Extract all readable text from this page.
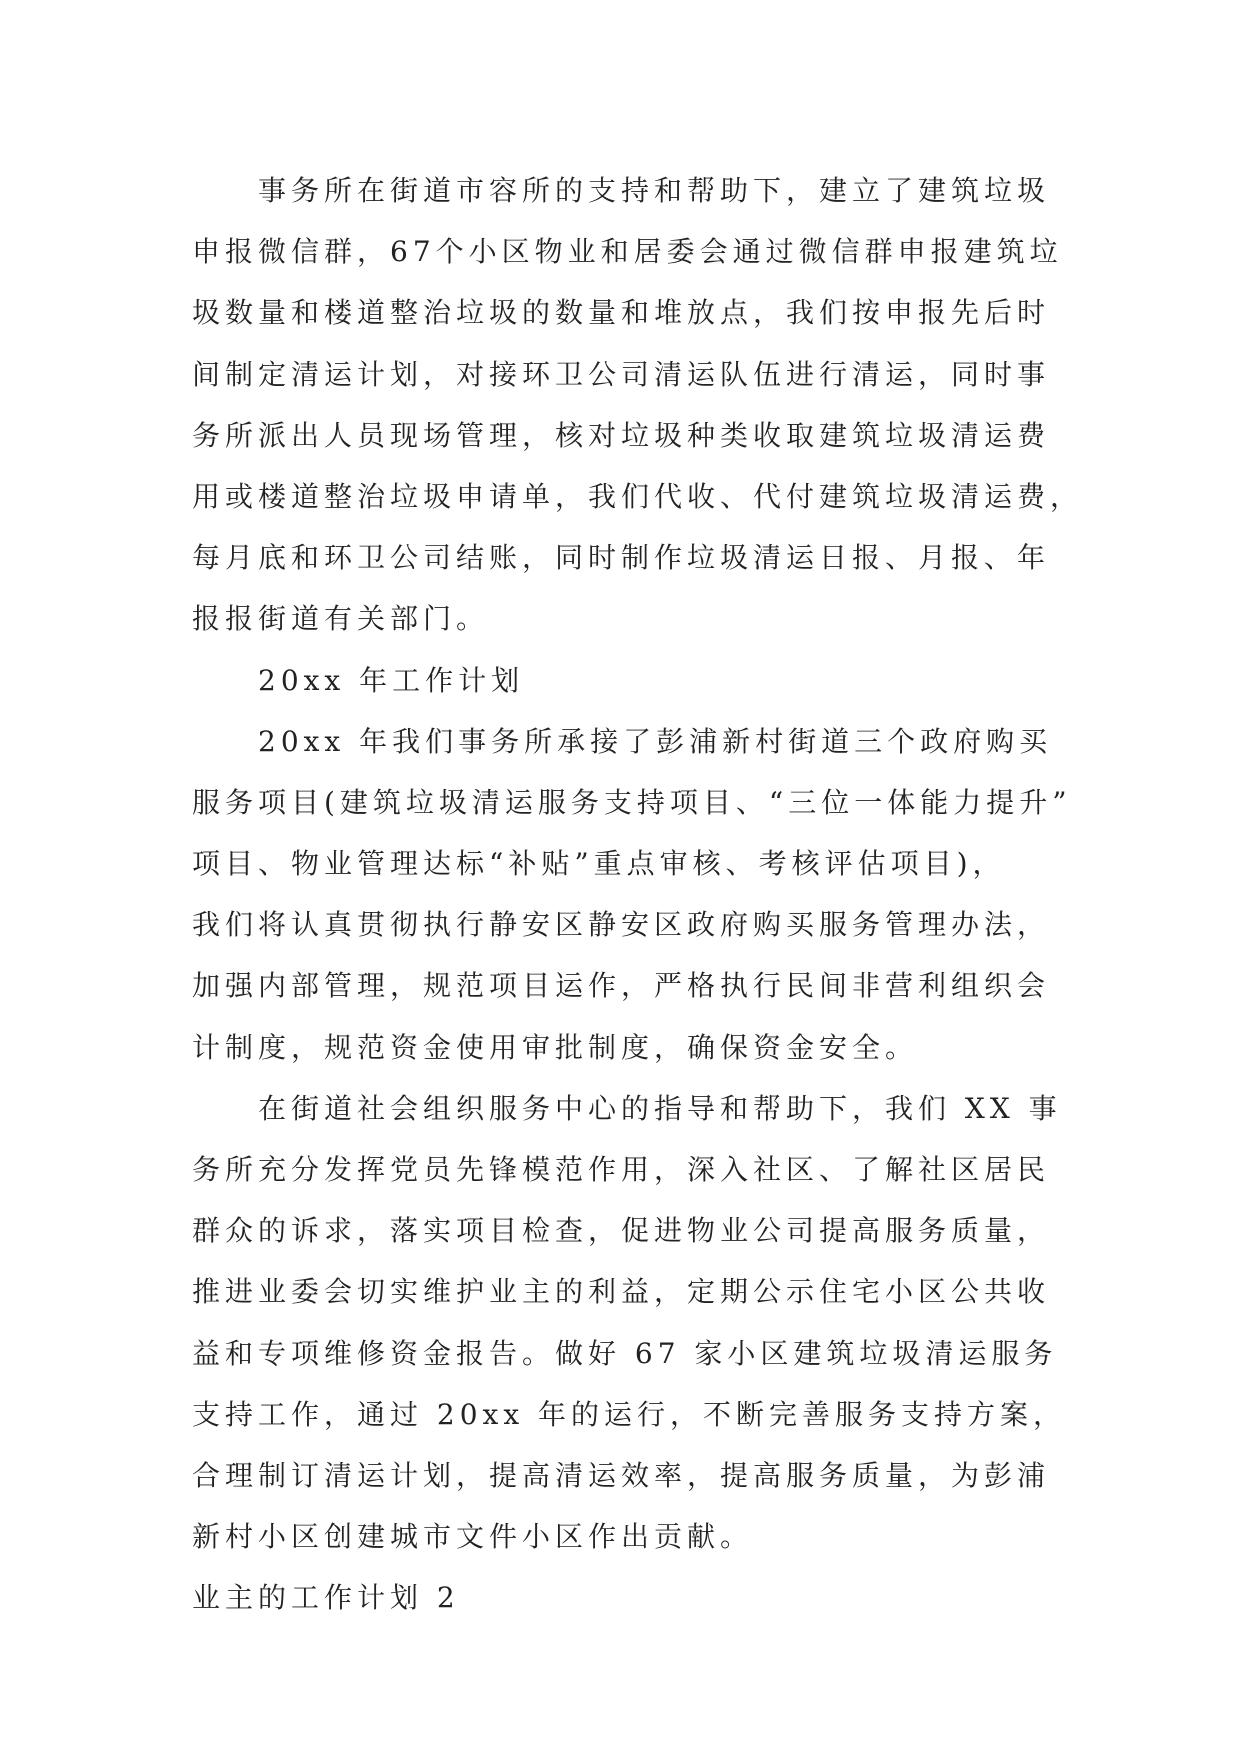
事务所在街道市容所的支持和帮助下，建立了建筑垃圾
申报微信群，67个小区物业和居委会通过微信群申报建筑垃
圾数量和楼道整治垃圾的数量和堆放点，我们按申报先后时
间制定清运计划，对接环卫公司清运队伍进行清运，同时事
务所派出人员现场管理，核对垃圾种类收取建筑垃圾清运费
用或楼道整治垃圾申请单，我们代收、代付建筑垃圾清运费，
每月底和环卫公司结账，同时制作垃圾清运日报、月报、年
报报街道有关部门。
20xx 年工作计划
20xx 年我们事务所承接了彭浦新村街道三个政府购买
服务项目(建筑垃圾清运服务支持项目、“三位一体能力提升”
项目、物业管理达标“补贴”重点审核、考核评估项目)，
我们将认真贯彻执行静安区静安区政府购买服务管理办法，
加强内部管理，规范项目运作，严格执行民间非营利组织会
计制度，规范资金使用审批制度，确保资金安全。
在街道社会组织服务中心的指导和帮助下，我们 XX 事
务所充分发挥党员先锋模范作用，深入社区、了解社区居民
群众的诉求，落实项目检查，促进物业公司提高服务质量，
推进业委会切实维护业主的利益，定期公示住宅小区公共收
益和专项维修资金报告。做好 67 家小区建筑垃圾清运服务
支持工作，通过 20xx 年的运行，不断完善服务支持方案，
合理制订清运计划，提高清运效率，提高服务质量，为彭浦
新村小区创建城市文件小区作出贡献。
业主的工作计划 2
